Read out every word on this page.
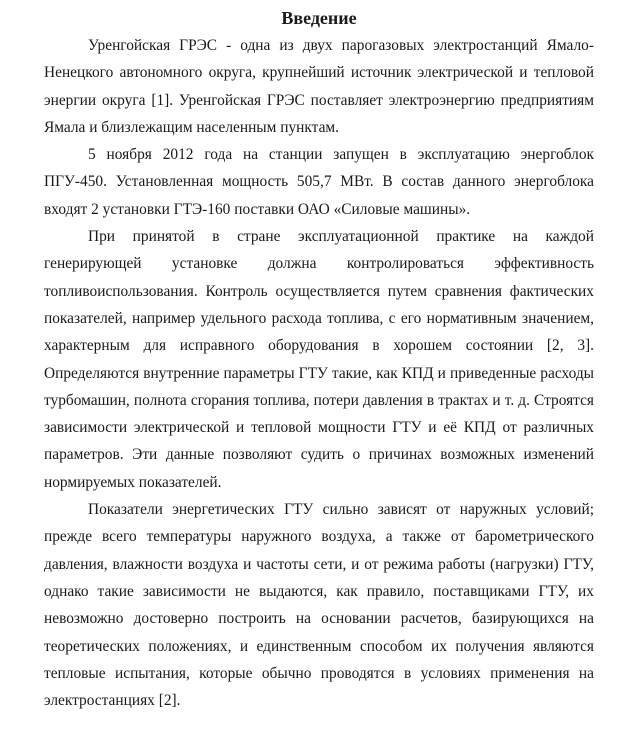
Введение

Уренгойская ГРЭС - одна из двух парогазовых электростанций Ямало-Ненецкого автономного округа, крупнейший источник электрической и тепловой энергии округа [1]. Уренгойская ГРЭС поставляет электроэнергию предприятиям Ямала и близлежащим населенным пунктам.

5 ноября 2012 года на станции запущен в эксплуатацию энергоблок ПГУ-450. Установленная мощность 505,7 МВт. В состав данного энергоблока входят 2 установки ГТЭ-160 поставки ОАО «Силовые машины».

При принятой в стране эксплуатационной практике на каждой генерирующей установке должна контролироваться эффективность топливоиспользования. Контроль осуществляется путем сравнения фактических показателей, например удельного расхода топлива, с его нормативным значением, характерным для исправного оборудования в хорошем состоянии [2, 3]. Определяются внутренние параметры ГТУ такие, как КПД и приведенные расходы турбомашин, полнота сгорания топлива, потери давления в трактах и т. д. Строятся зависимости электрической и тепловой мощности ГТУ и её КПД от различных параметров. Эти данные позволяют судить о причинах возможных изменений нормируемых показателей.

Показатели энергетических ГТУ сильно зависят от наружных условий; прежде всего температуры наружного воздуха, а также от барометрического давления, влажности воздуха и частоты сети, и от режима работы (нагрузки) ГТУ, однако такие зависимости не выдаются, как правило, поставщиками ГТУ, их невозможно достоверно построить на основании расчетов, базирующихся на теоретических положениях, и единственным способом их получения являются тепловые испытания, которые обычно проводятся в условиях применения на электростанциях [2].
